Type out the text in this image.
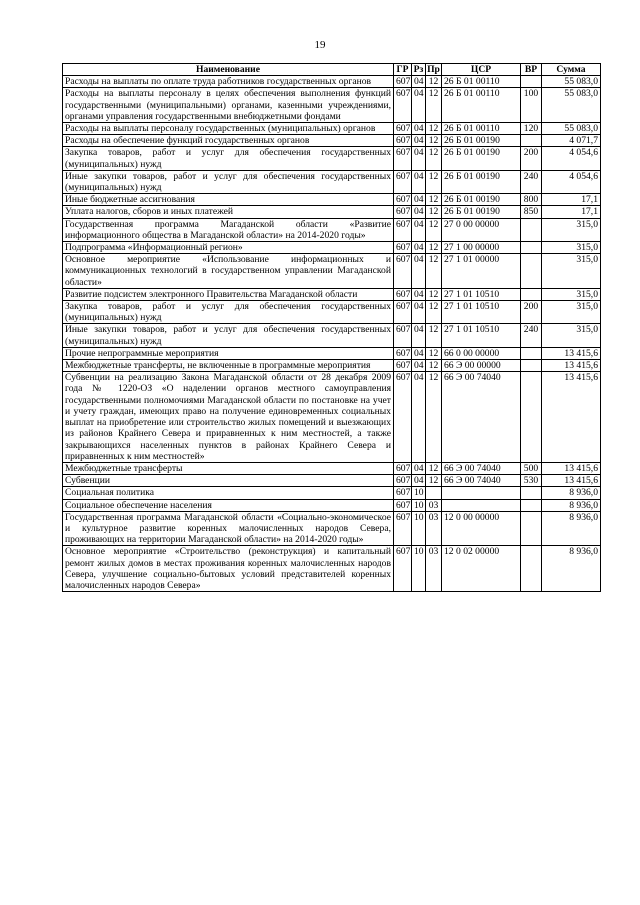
19
Наименование	ГР	Рз	Пр	ЦСР	ВР	Сумма
Расходы на выплаты по оплате труда работников государственных органов	607	04	12	26 Б 01 00110		55 083,0
Расходы на выплаты персоналу в целях обеспечения выполнения функций государственными (муниципальными) органами, казенными учреждениями, органами управления государственными внебюджетными фондами	607	04	12	26 Б 01 00110	100	55 083,0
Расходы на выплаты персоналу государственных (муниципальных) органов	607	04	12	26 Б 01 00110	120	55 083,0
Расходы на обеспечение функций государственных органов	607	04	12	26 Б 01 00190		4 071,7
Закупка товаров, работ и услуг для обеспечения государственных (муниципальных) нужд	607	04	12	26 Б 01 00190	200	4 054,6
Иные закупки товаров, работ и услуг для обеспечения государственных (муниципальных) нужд	607	04	12	26 Б 01 00190	240	4 054,6
Иные бюджетные ассигнования	607	04	12	26 Б 01 00190	800	17,1
Уплата налогов, сборов и иных платежей	607	04	12	26 Б 01 00190	850	17,1
Государственная программа Магаданской области «Развитие информационного общества в Магаданской области» на 2014-2020 годы»	607	04	12	27 0 00 00000		315,0
Подпрограмма «Информационный регион»	607	04	12	27 1 00 00000		315,0
Основное мероприятие «Использование информационных и коммуникационных технологий в государственном управлении Магаданской области»	607	04	12	27 1 01 00000		315,0
Развитие подсистем электронного Правительства Магаданской области	607	04	12	27 1 01 10510		315,0
Закупка товаров, работ и услуг для обеспечения государственных (муниципальных) нужд	607	04	12	27 1 01 10510	200	315,0
Иные закупки товаров, работ и услуг для обеспечения государственных (муниципальных) нужд	607	04	12	27 1 01 10510	240	315,0
Прочие непрограммные мероприятия	607	04	12	66 0 00 00000		13 415,6
Межбюджетные трансферты, не включенные в программные мероприятия	607	04	12	66 Э 00 00000		13 415,6
Субвенции на реализацию Закона Магаданской области от 28 декабря 2009 года № 1220-ОЗ «О наделении органов местного самоуправления государственными полномочиями Магаданской области по постановке на учет и учету граждан, имеющих право на получение единовременных социальных выплат на приобретение или строительство жилых помещений и выезжающих из районов Крайнего Севера и приравненных к ним местностей, а также закрывающихся населенных пунктов в районах Крайнего Севера и приравненных к ним местностей»	607	04	12	66 Э 00 74040		13 415,6
Межбюджетные трансферты	607	04	12	66 Э 00 74040	500	13 415,6
Субвенции	607	04	12	66 Э 00 74040	530	13 415,6
Социальная политика	607	10				8 936,0
Социальное обеспечение населения	607	10	03			8 936,0
Государственная программа Магаданской области «Социально-экономическое и культурное развитие коренных малочисленных народов Севера, проживающих на территории Магаданской области» на 2014-2020 годы»	607	10	03	12 0 00 00000		8 936,0
Основное мероприятие «Строительство (реконструкция) и капитальный ремонт жилых домов в местах проживания коренных малочисленных народов Севера, улучшение социально-бытовых условий представителей коренных малочисленных народов Севера»	607	10	03	12 0 02 00000		8 936,0
